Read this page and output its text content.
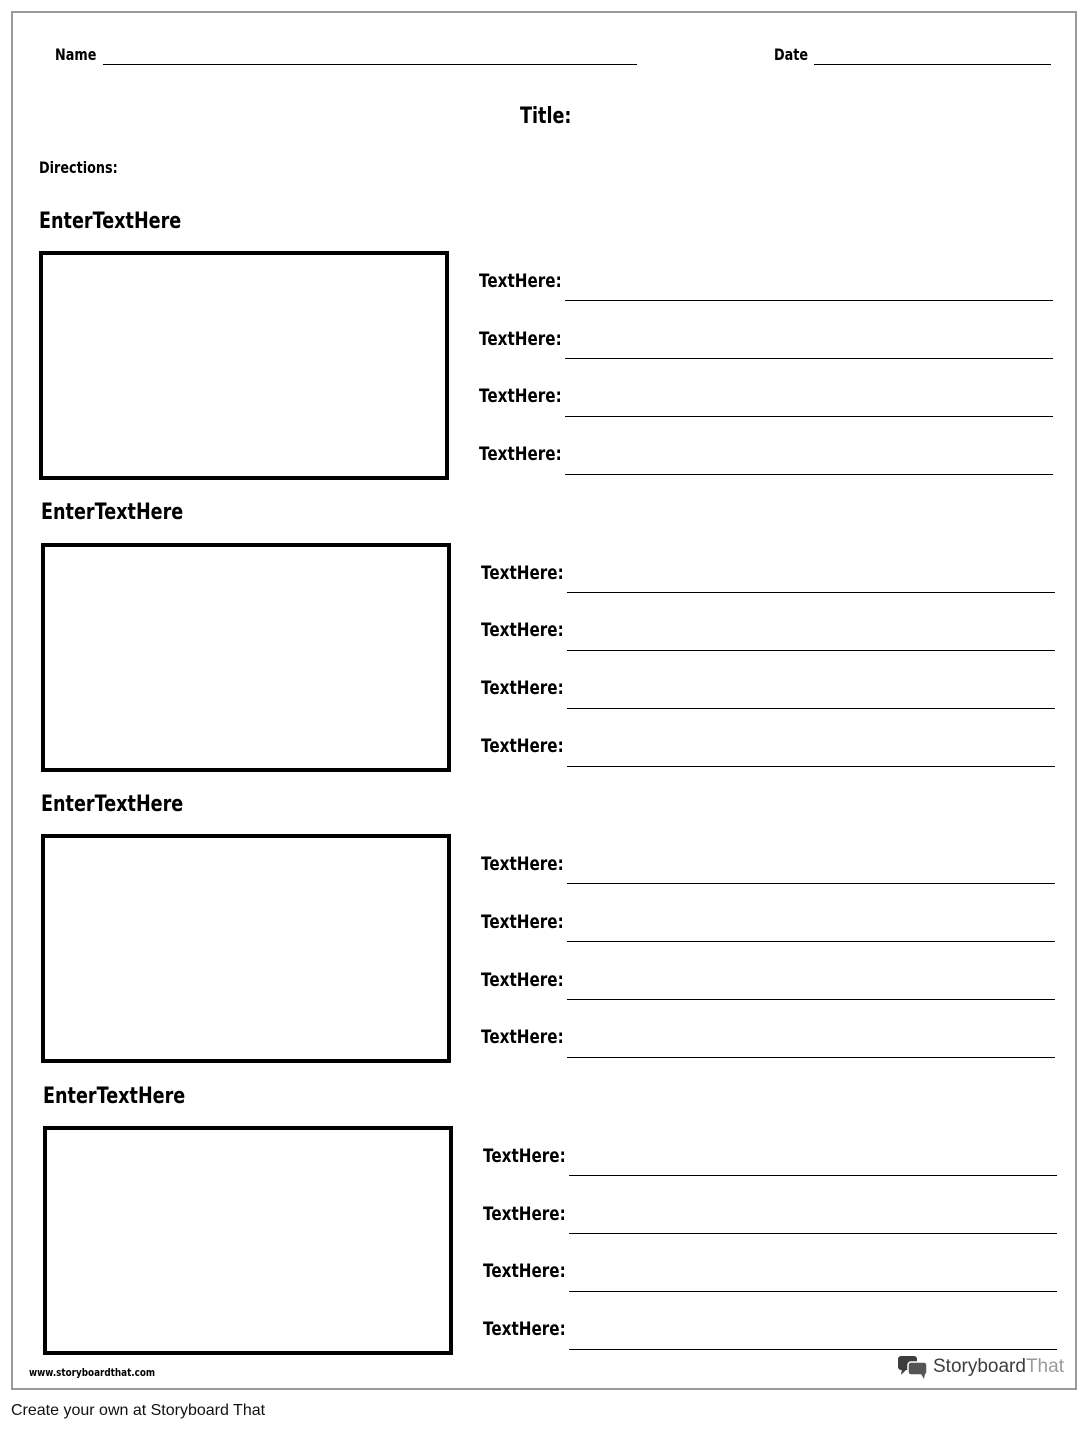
Name	Date
Title:
Directions:
EnterTextHere
TextHere:
TextHere:
TextHere:
TextHere:
EnterTextHere
TextHere:
TextHere:
TextHere:
TextHere:
EnterTextHere
TextHere:
TextHere:
TextHere:
TextHere:
EnterTextHere
TextHere:
TextHere:
TextHere:
TextHere:
www.storyboardthat.com	StoryboardThat
Create your own at Storyboard That
